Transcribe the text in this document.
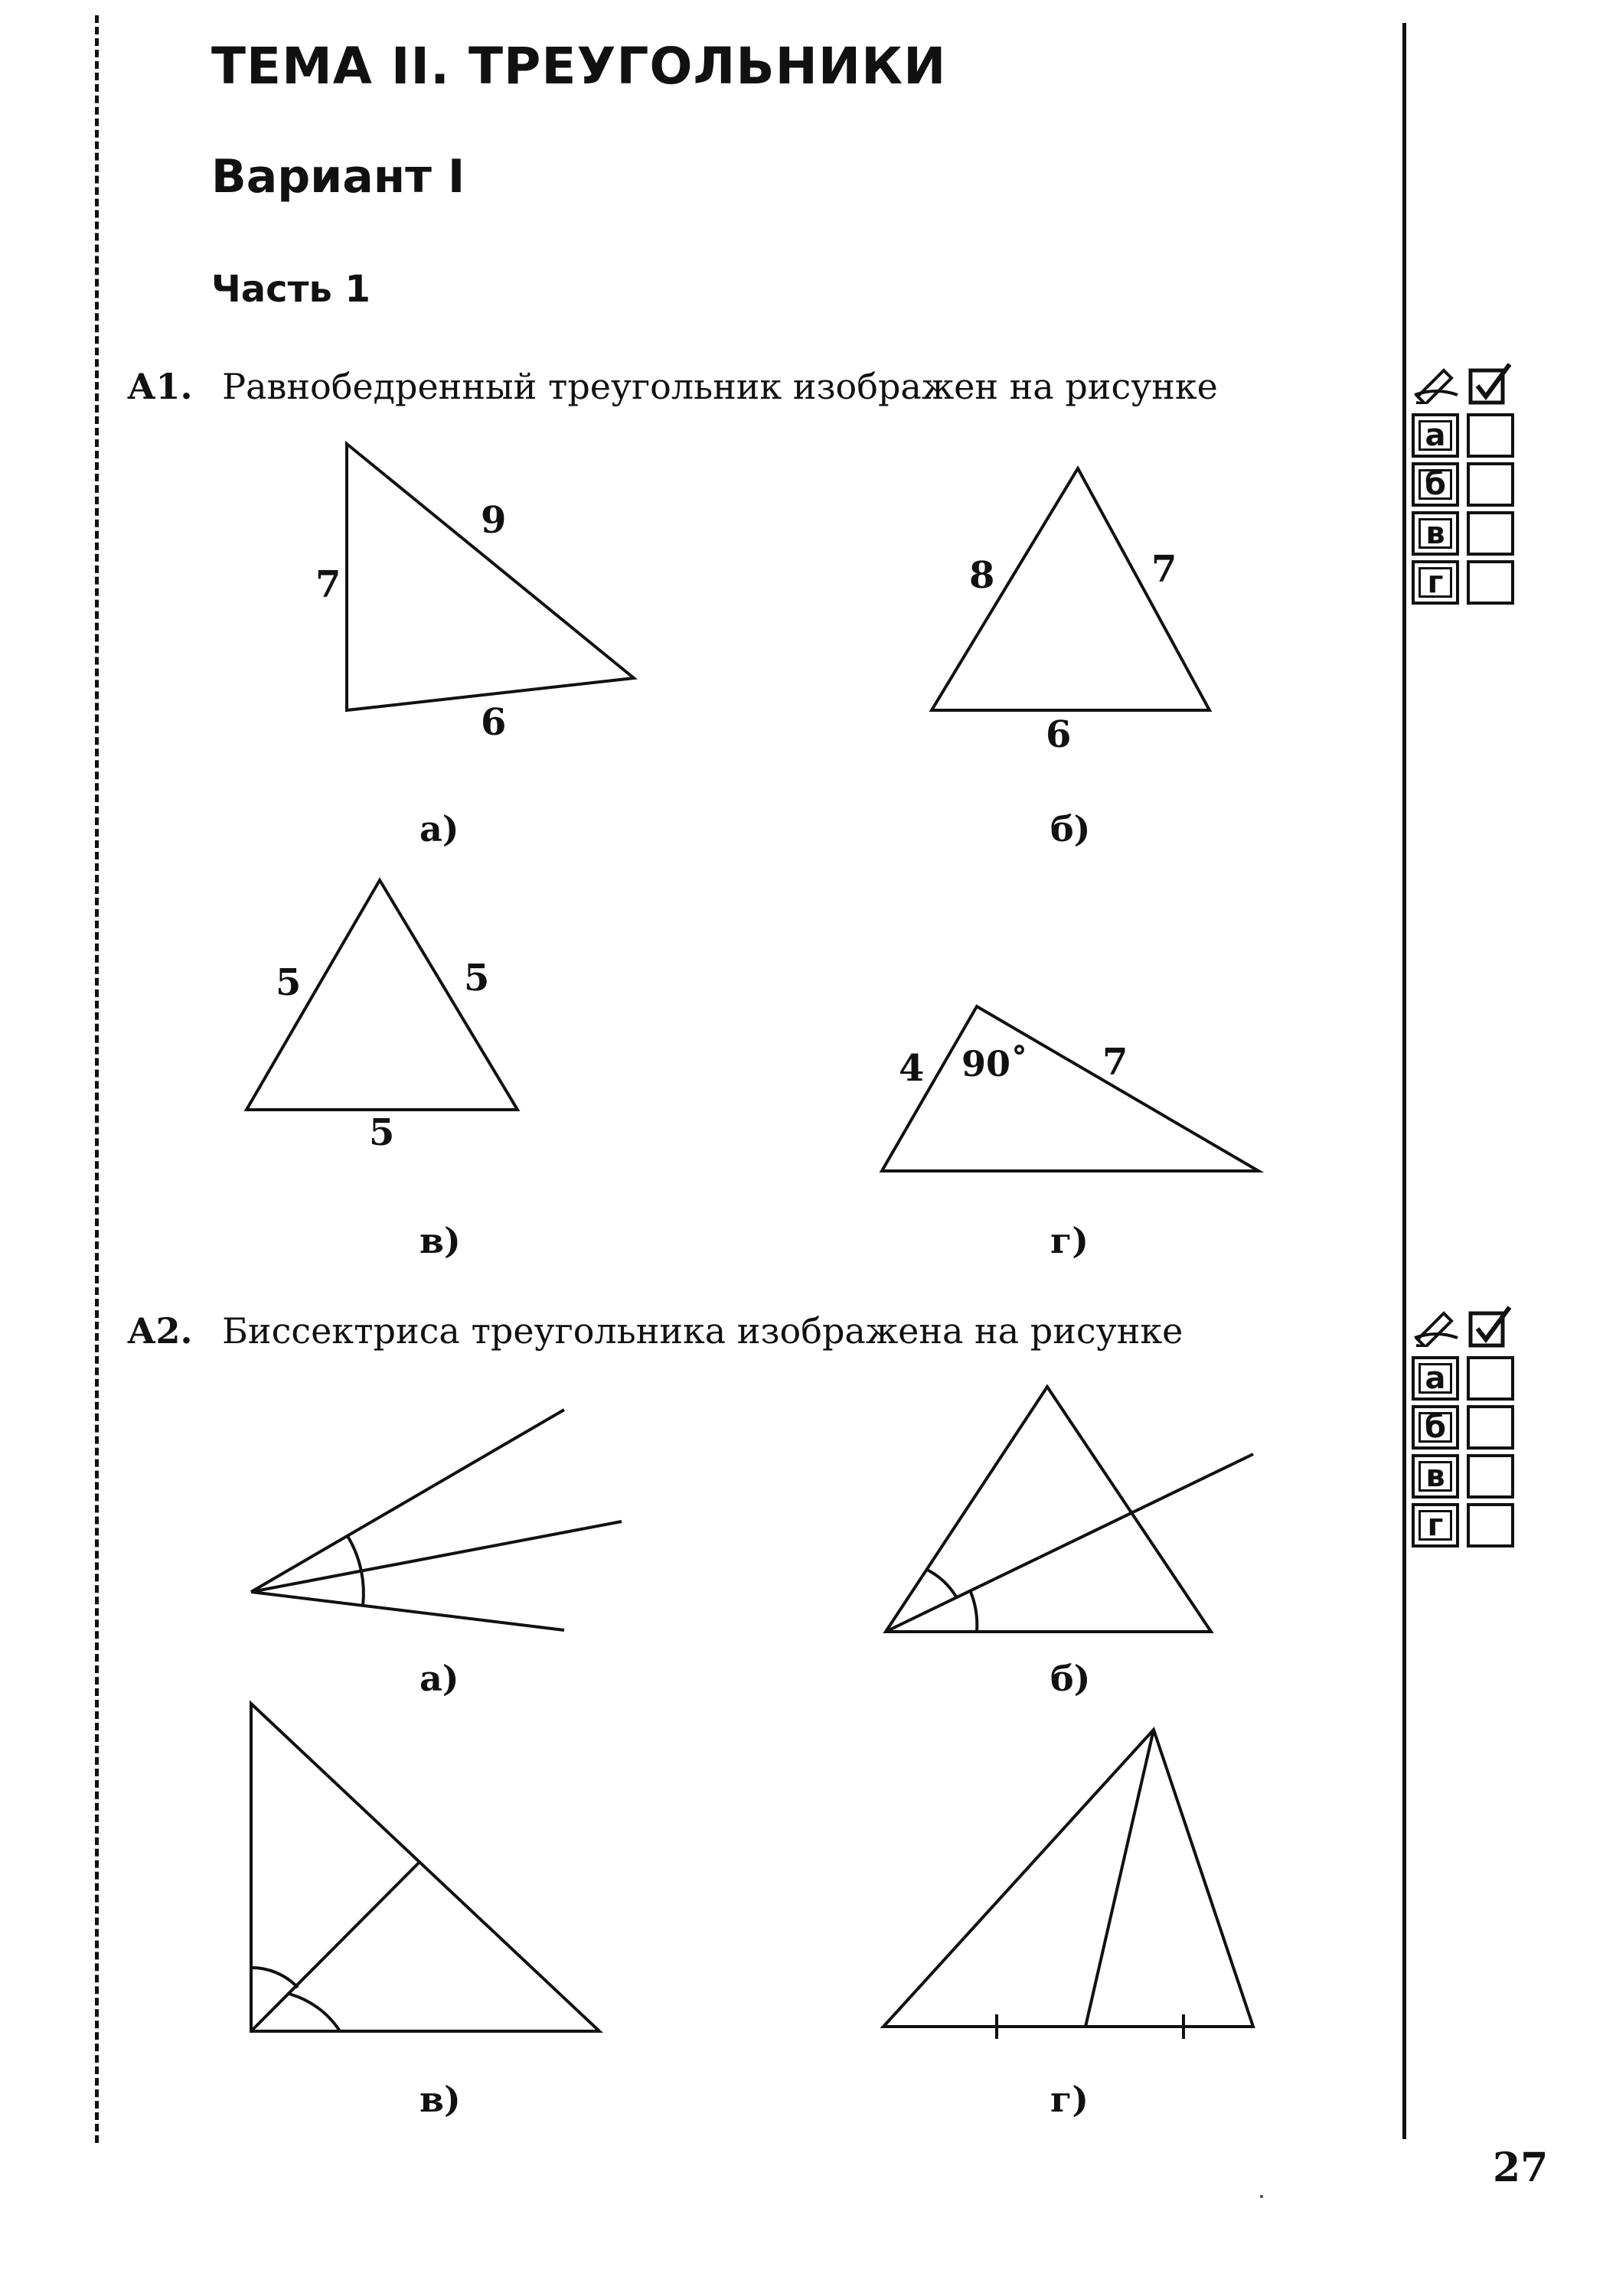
ТЕМА II. ТРЕУГОЛЬНИКИ
Вариант I
Часть 1
А1. Равнобедренный треугольник изображен на рисунке
а
б
в
г
7
9
6
8	7
6
5	5
5
4 90˚ 7
а)	б)
в)	г)
А2. Биссектриса треугольника изображена на рисунке
а
б
в
г
а)	б)
в)	г)
27
